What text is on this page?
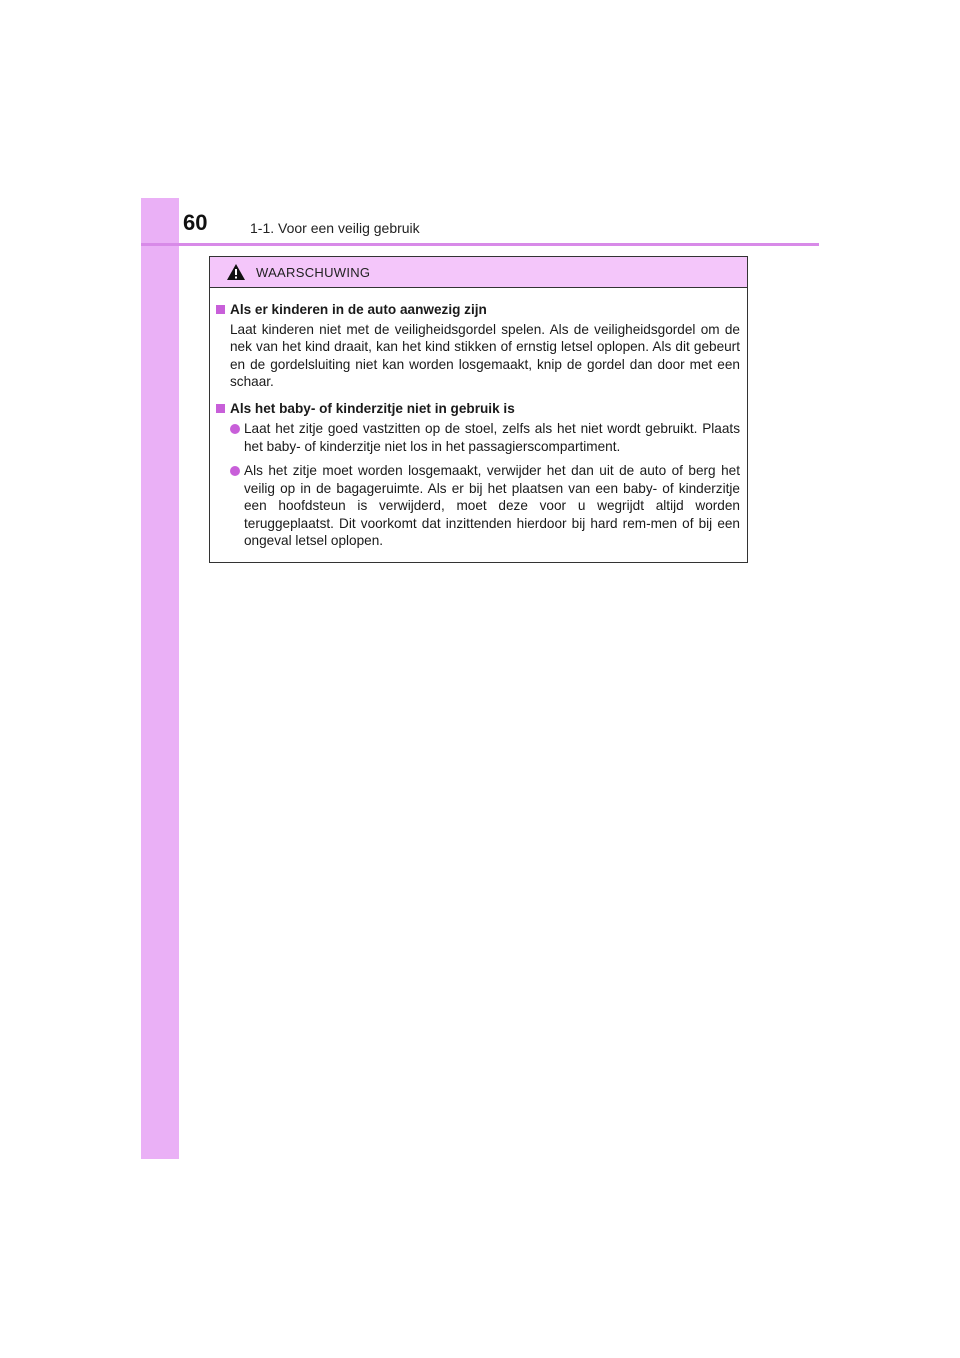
60	1-1. Voor een veilig gebruik
WAARSCHUWING
Als er kinderen in de auto aanwezig zijn
Laat kinderen niet met de veiligheidsgordel spelen. Als de veiligheidsgordel om de nek van het kind draait, kan het kind stikken of ernstig letsel oplopen. Als dit gebeurt en de gordelsluiting niet kan worden losgemaakt, knip de gordel dan door met een schaar.
Als het baby- of kinderzitje niet in gebruik is
Laat het zitje goed vastzitten op de stoel, zelfs als het niet wordt gebruikt. Plaats het baby- of kinderzitje niet los in het passagierscompartiment.
Als het zitje moet worden losgemaakt, verwijder het dan uit de auto of berg het veilig op in de bagageruimte. Als er bij het plaatsen van een baby- of kinderzitje een hoofdsteun is verwijderd, moet deze voor u wegrijdt altijd worden teruggeplaatst. Dit voorkomt dat inzittenden hierdoor bij hard rem-men of bij een ongeval letsel oplopen.
